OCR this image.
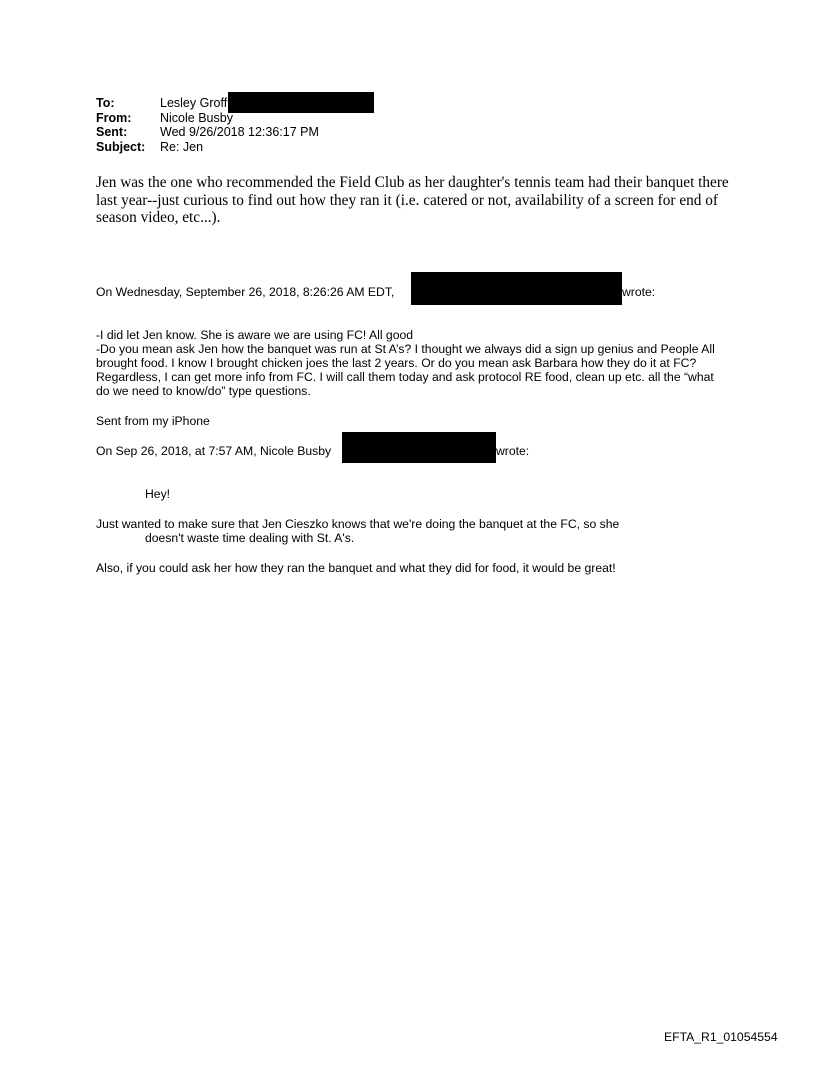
To:	Lesley Groff
From:	Nicole Busby
Sent:	Wed 9/26/2018 12:36:17 PM
Subject:	Re: Jen

Jen was the one who recommended the Field Club as her daughter's tennis team had their banquet there last year--just curious to find out how they ran it (i.e. catered or not, availability of a screen for end of season video, etc...).

On Wednesday, September 26, 2018, 8:26:26 AM EDT,	wrote:

-I did let Jen know. She is aware we are using FC! All good

-Do you mean ask Jen how the banquet was run at St A’s? I thought we always did a sign up genius and People All brought food. I know I brought chicken joes the last 2 years. Or do you mean ask Barbara how they do it at FC? Regardless, I can get more info from FC. I will call them today and ask protocol RE food, clean up etc. all the “what do we need to know/do” type questions.

Sent from my iPhone

On Sep 26, 2018, at 7:57 AM, Nicole Busby	wrote:

Hey!

Just wanted to make sure that Jen Cieszko knows that we're doing the banquet at the FC, so she
doesn't waste time dealing with St. A's.

Also, if you could ask her how they ran the banquet and what they did for food, it would be great!

EFTA_R1_01054554
